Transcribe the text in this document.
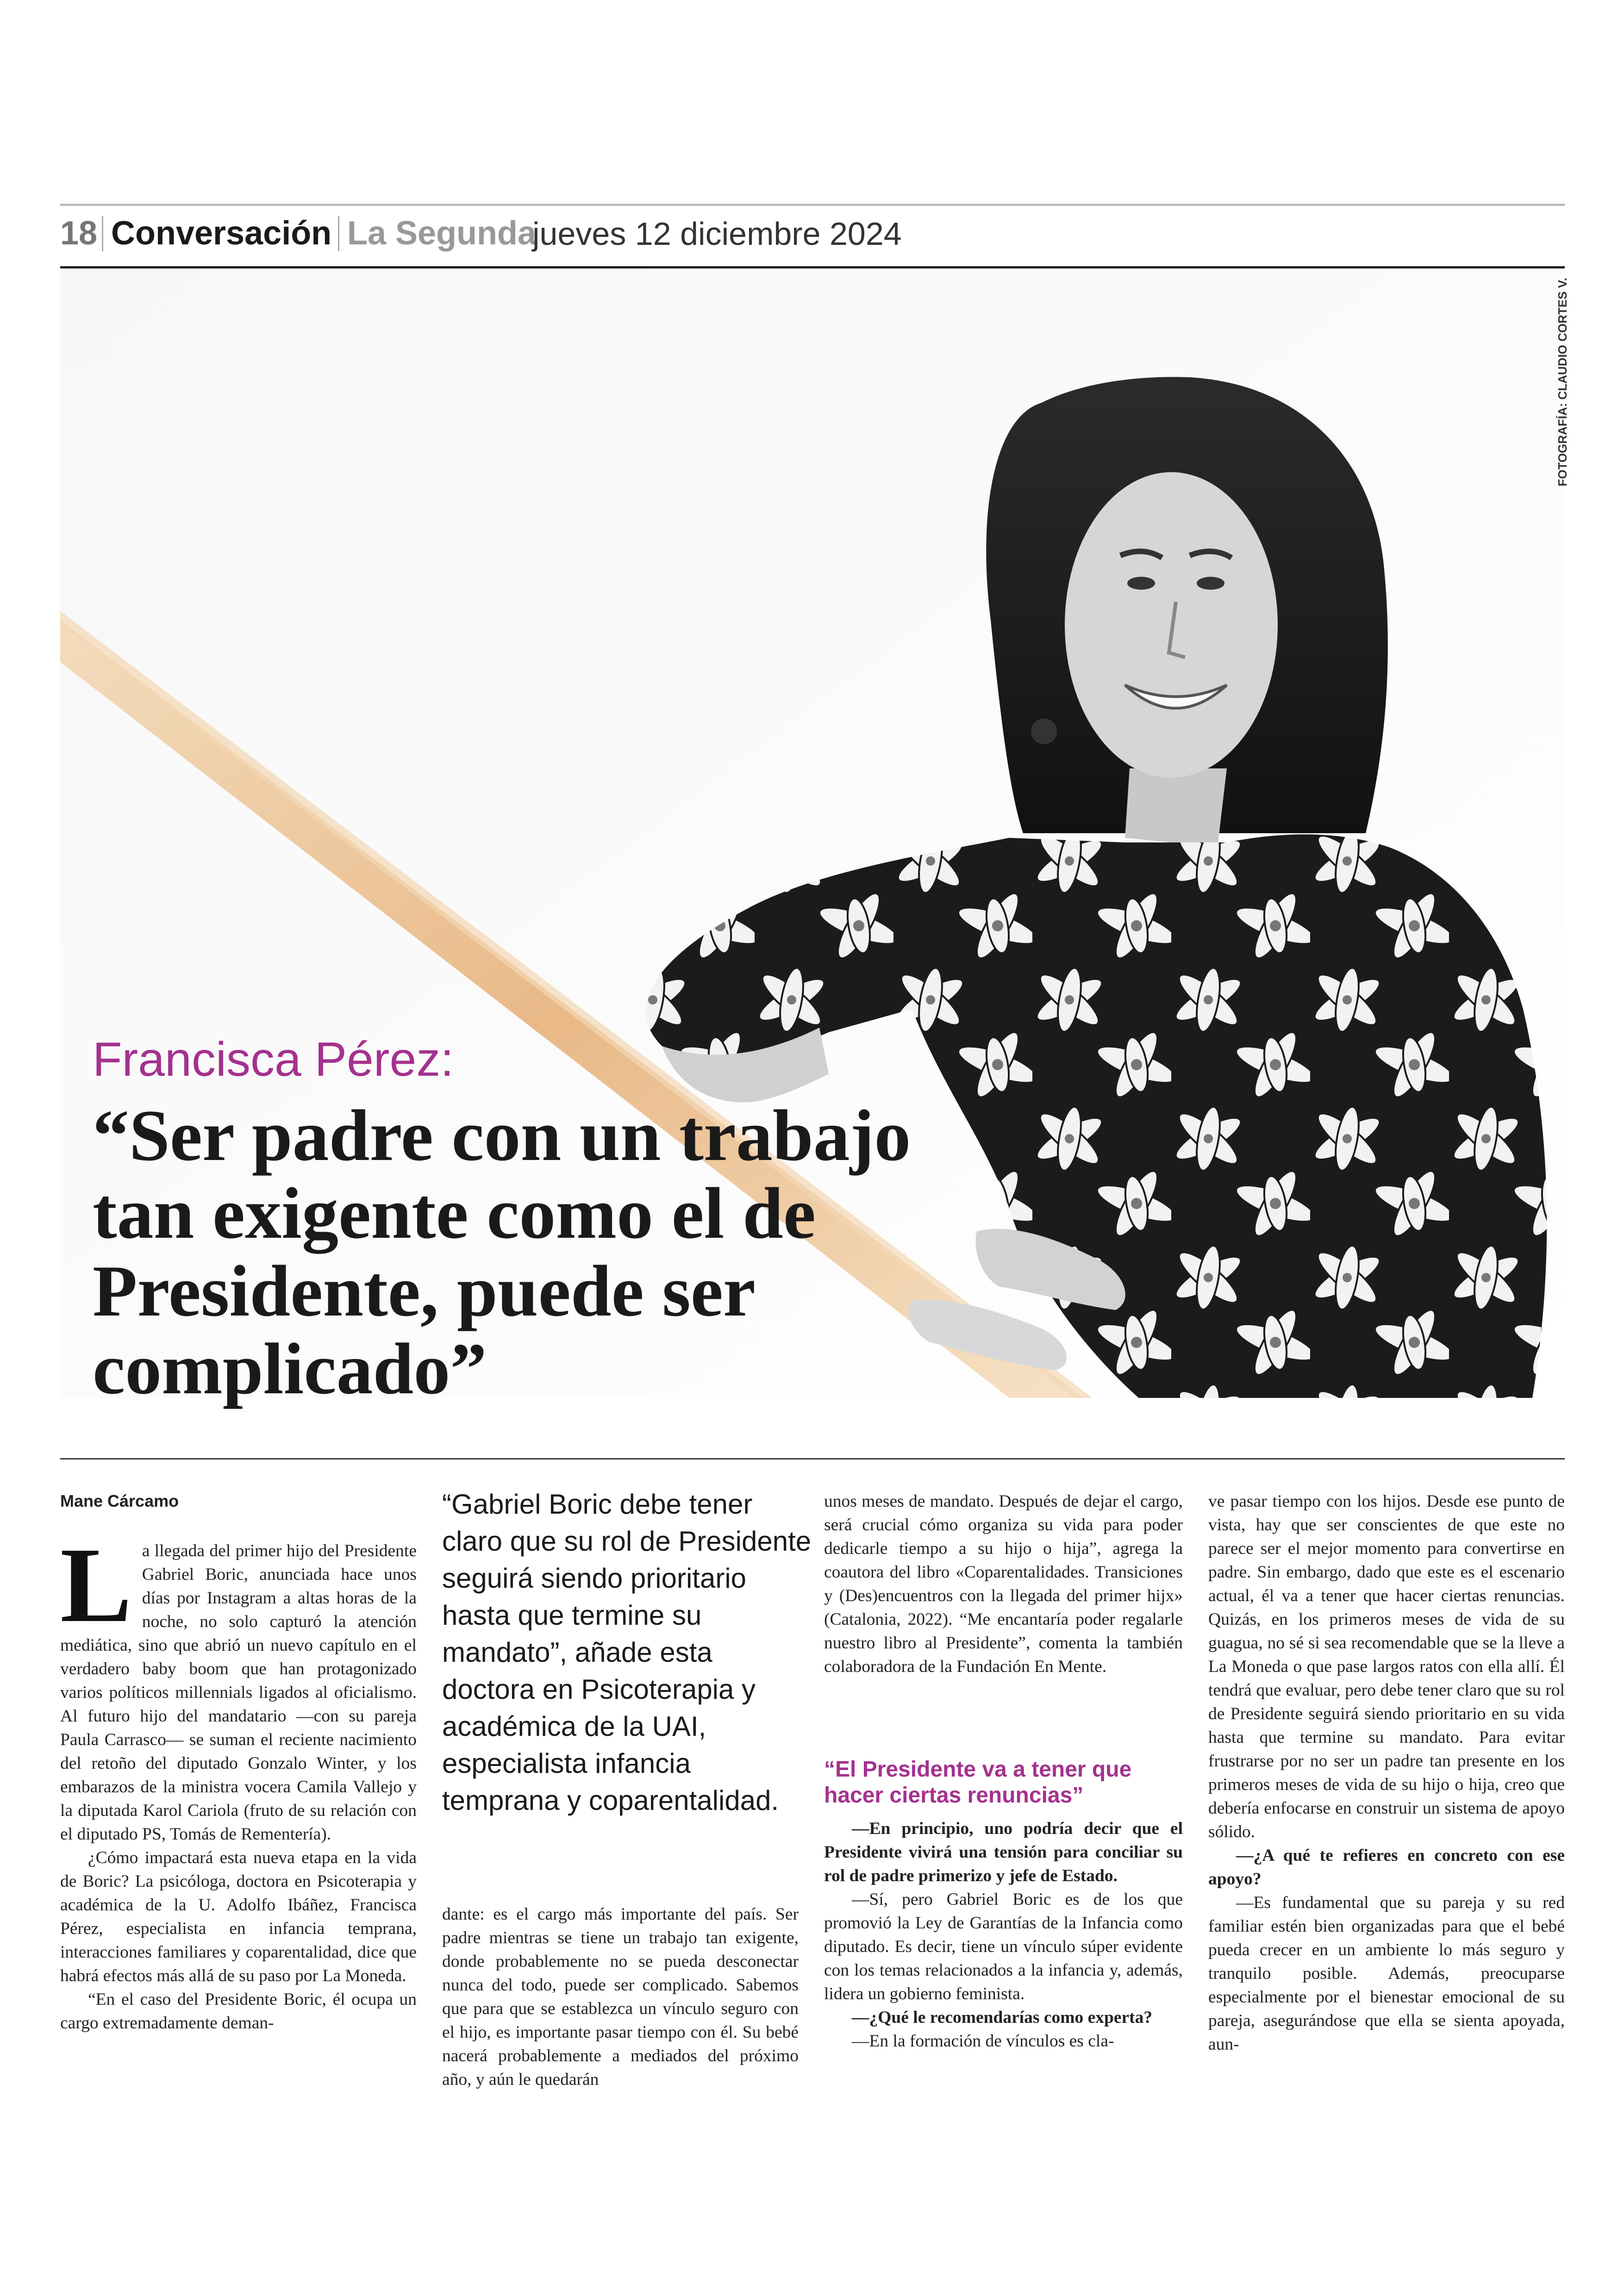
18 Conversación La Segunda
jueves 12 diciembre 2024
FOTOGRAFÍA: CLAUDIO CORTES V.
Francisca Pérez:
“Ser padre con un trabajo tan exigente como el de Presidente, puede ser complicado”
Mane Cárcamo

La llegada del primer hijo del Presidente Gabriel Boric, anunciada hace unos días por Instagram a altas horas de la noche, no solo capturó la atención mediática, sino que abrió un nuevo capítulo en el verdadero baby boom que han protagonizado varios políticos millennials ligados al oficialismo. Al futuro hijo del mandatario —con su pareja Paula Carrasco— se suman el reciente nacimiento del retoño del diputado Gonzalo Winter, y los embarazos de la ministra vocera Camila Vallejo y la diputada Karol Cariola (fruto de su relación con el diputado PS, Tomás de Rementería).

¿Cómo impactará esta nueva etapa en la vida de Boric? La psicóloga, doctora en Psicoterapia y académica de la U. Adolfo Ibáñez, Francisca Pérez, especialista en infancia temprana, interacciones familiares y coparentalidad, dice que habrá efectos más allá de su paso por La Moneda.

“En el caso del Presidente Boric, él ocupa un cargo extremadamente deman-

“Gabriel Boric debe tener claro que su rol de Presidente seguirá siendo prioritario hasta que termine su mandato”, añade esta doctora en Psicoterapia y académica de la UAI, especialista infancia temprana y coparentalidad.

dante: es el cargo más importante del país. Ser padre mientras se tiene un trabajo tan exigente, donde probablemente no se pueda desconectar nunca del todo, puede ser complicado. Sabemos que para que se establezca un vínculo seguro con el hijo, es importante pasar tiempo con él. Su bebé nacerá probablemente a mediados del próximo año, y aún le quedarán

unos meses de mandato. Después de dejar el cargo, será crucial cómo organiza su vida para poder dedicarle tiempo a su hijo o hija”, agrega la coautora del libro «Coparentalidades. Transiciones y (Des)encuentros con la llegada del primer hijx» (Catalonia, 2022). “Me encantaría poder regalarle nuestro libro al Presidente”, comenta la también colaboradora de la Fundación En Mente.

“El Presidente va a tener que hacer ciertas renuncias”

—En principio, uno podría decir que el Presidente vivirá una tensión para conciliar su rol de padre primerizo y jefe de Estado.

—Sí, pero Gabriel Boric es de los que promovió la Ley de Garantías de la Infancia como diputado. Es decir, tiene un vínculo súper evidente con los temas relacionados a la infancia y, además, lidera un gobierno feminista.

—¿Qué le recomendarías como experta?

—En la formación de vínculos es cla-

ve pasar tiempo con los hijos. Desde ese punto de vista, hay que ser conscientes de que este no parece ser el mejor momento para convertirse en padre. Sin embargo, dado que este es el escenario actual, él va a tener que hacer ciertas renuncias. Quizás, en los primeros meses de vida de su guagua, no sé si sea recomendable que se la lleve a La Moneda o que pase largos ratos con ella allí. Él tendrá que evaluar, pero debe tener claro que su rol de Presidente seguirá siendo prioritario en su vida hasta que termine su mandato. Para evitar frustrarse por no ser un padre tan presente en los primeros meses de vida de su hijo o hija, creo que debería enfocarse en construir un sistema de apoyo sólido.

—¿A qué te refieres en concreto con ese apoyo?

—Es fundamental que su pareja y su red familiar estén bien organizadas para que el bebé pueda crecer en un ambiente lo más seguro y tranquilo posible. Además, preocuparse especialmente por el bienestar emocional de su pareja, asegurándose que ella se sienta apoyada, aun-
